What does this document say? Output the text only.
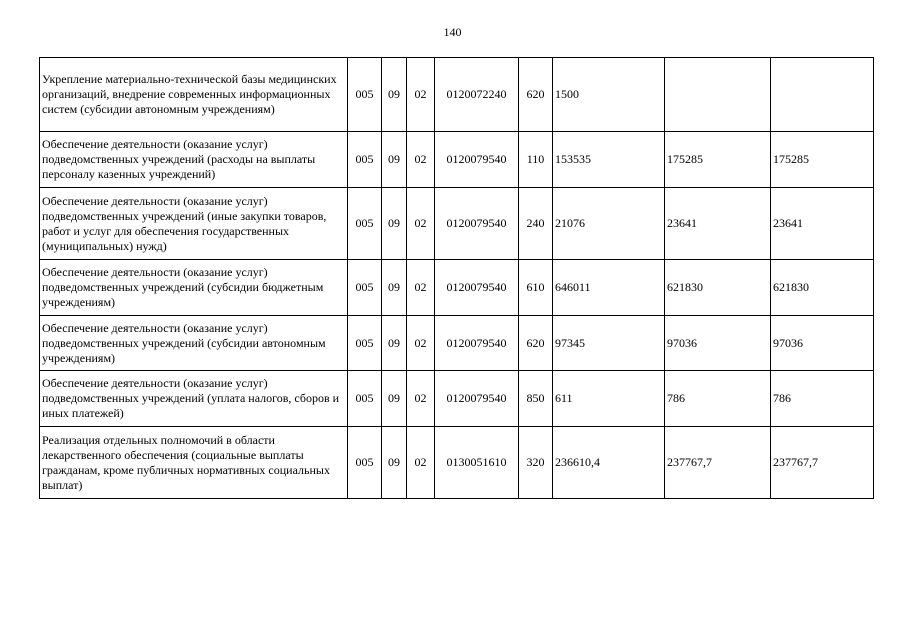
140
Укрепление материально-технической базы медицинских организаций, внедрение современных информационных систем (субсидии автономным учреждениям)	005	09	02	0120072240	620	1500		
Обеспечение деятельности (оказание услуг) подведомственных учреждений (расходы на выплаты персоналу казенных учреждений)	005	09	02	0120079540	110	153535	175285	175285
Обеспечение деятельности (оказание услуг) подведомственных учреждений (иные закупки товаров, работ и услуг для обеспечения государственных (муниципальных) нужд)	005	09	02	0120079540	240	21076	23641	23641
Обеспечение деятельности (оказание услуг) подведомственных учреждений (субсидии бюджетным учреждениям)	005	09	02	0120079540	610	646011	621830	621830
Обеспечение деятельности (оказание услуг) подведомственных учреждений (субсидии автономным учреждениям)	005	09	02	0120079540	620	97345	97036	97036
Обеспечение деятельности (оказание услуг) подведомственных учреждений (уплата налогов, сборов и иных платежей)	005	09	02	0120079540	850	611	786	786
Реализация отдельных полномочий в области лекарственного обеспечения (социальные выплаты гражданам, кроме публичных нормативных социальных выплат)	005	09	02	0130051610	320	236610,4	237767,7	237767,7
